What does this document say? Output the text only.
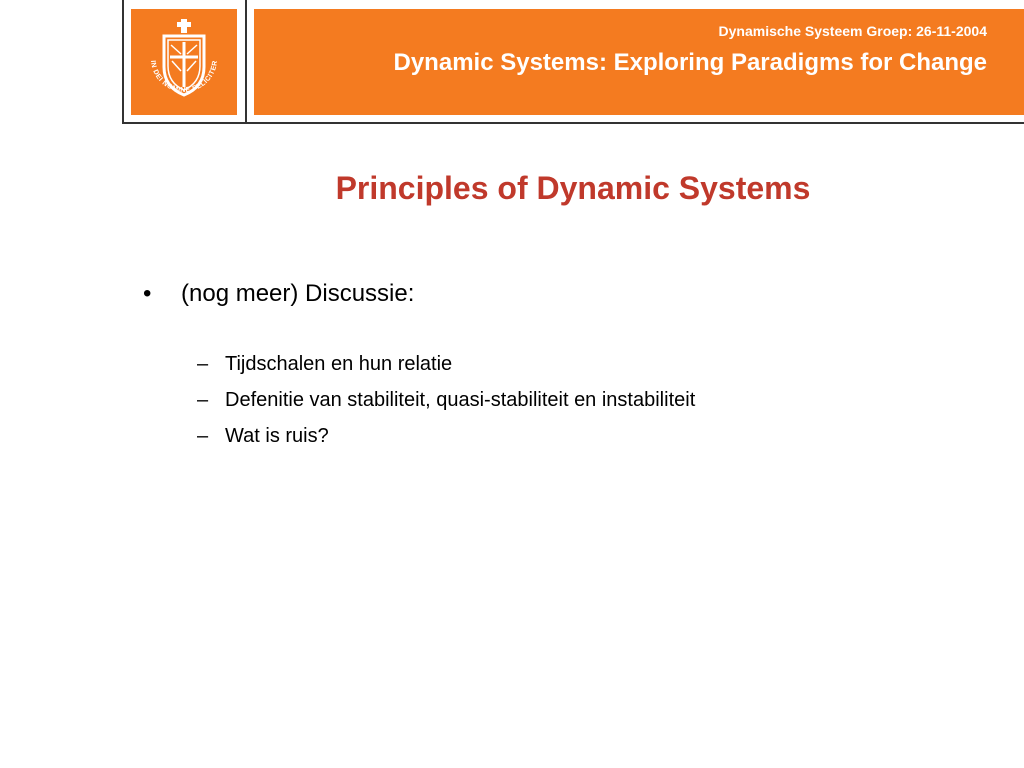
IN DEI NOMINE FELICITER
Dynamische Systeem Groep: 26-11-2004
Dynamic Systems: Exploring Paradigms for Change
Principles of Dynamic Systems
• (nog meer) Discussie:
– Tijdschalen en hun relatie
– Defenitie van stabiliteit, quasi-stabiliteit en instabiliteit
– Wat is ruis?
